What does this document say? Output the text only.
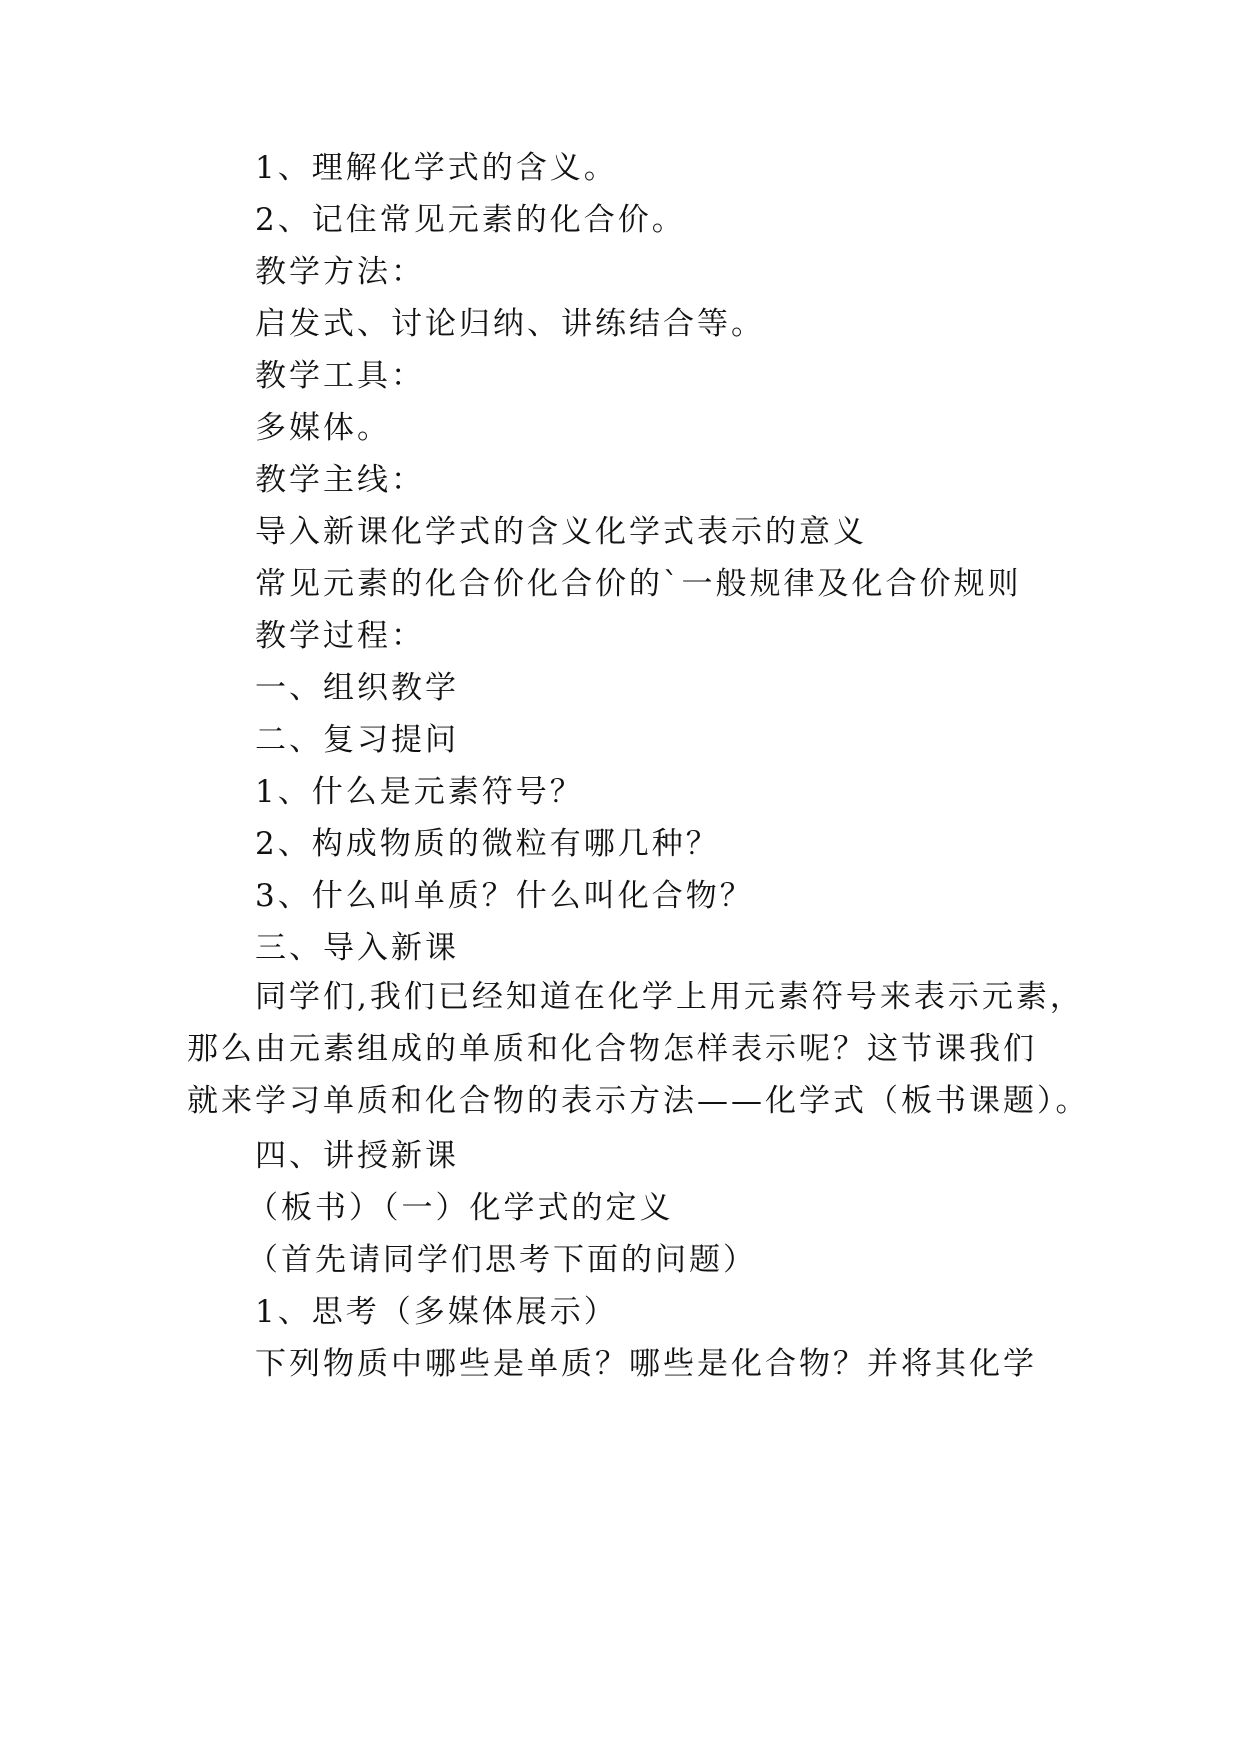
1、理解化学式的含义。

2、记住常见元素的化合价。

教学方法：

启发式、讨论归纳、讲练结合等。

教学工具：

多媒体。

教学主线：

导入新课化学式的含义化学式表示的意义

常见元素的化合价化合价的`一般规律及化合价规则

教学过程：

一、组织教学

二、复习提问

1、什么是元素符号？

2、构成物质的微粒有哪几种？

3、什么叫单质？什么叫化合物？

三、导入新课

同学们,我们已经知道在化学上用元素符号来表示元素，
那么由元素组成的单质和化合物怎样表示呢？这节课我们
就来学习单质和化合物的表示方法——化学式（板书课题）。

四、讲授新课

（板书）（一）化学式的定义

（首先请同学们思考下面的问题）

1、思考（多媒体展示）

下列物质中哪些是单质？哪些是化合物？并将其化学
